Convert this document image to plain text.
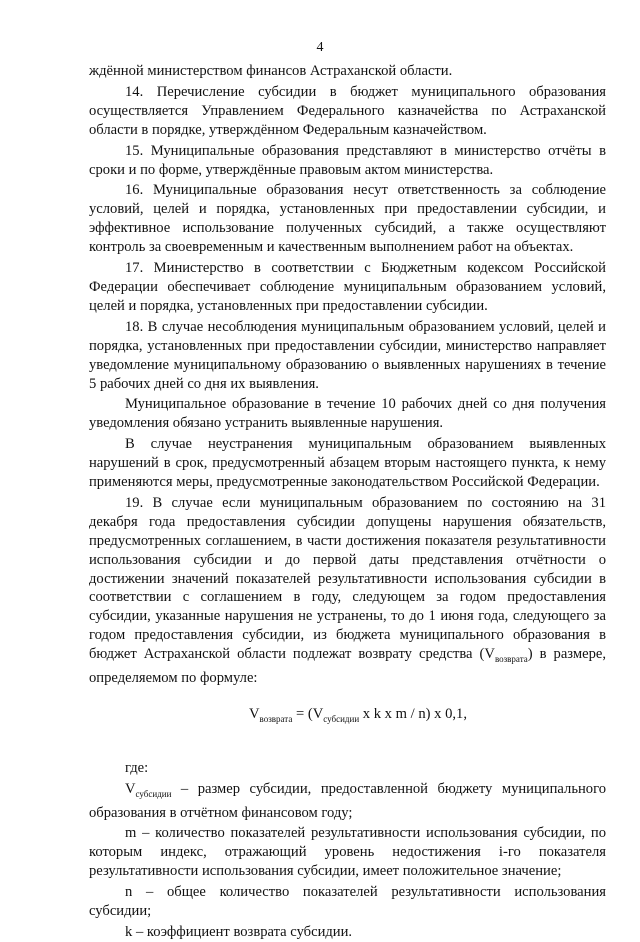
4

ждённой министерством финансов Астраханской области.

14. Перечисление субсидии в бюджет муниципального образования осуществляется Управлением Федерального казначейства по Астраханской области в порядке, утверждённом Федеральным казначейством.

15. Муниципальные образования представляют в министерство отчёты в сроки и по форме, утверждённые правовым актом министерства.

16. Муниципальные образования несут ответственность за соблюдение условий, целей и порядка, установленных при предоставлении субсидии, и эффективное использование полученных субсидий, а также осуществляют контроль за своевременным и качественным выполнением работ на объектах.

17. Министерство в соответствии с Бюджетным кодексом Российской Федерации обеспечивает соблюдение муниципальным образованием условий, целей и порядка, установленных при предоставлении субсидии.

18. В случае несоблюдения муниципальным образованием условий, целей и порядка, установленных при предоставлении субсидии, министерство направляет уведомление муниципальному образованию о выявленных нарушениях в течение 5 рабочих дней со дня их выявления.

Муниципальное образование в течение 10 рабочих дней со дня получения уведомления обязано устранить выявленные нарушения.

В случае неустранения муниципальным образованием выявленных нарушений в срок, предусмотренный абзацем вторым настоящего пункта, к нему применяются меры, предусмотренные законодательством Российской Федерации.

19. В случае если муниципальным образованием по состоянию на 31 декабря года предоставления субсидии допущены нарушения обязательств, предусмотренных соглашением, в части достижения показателя результативности использования субсидии и до первой даты представления отчётности о достижении значений показателей результативности использования субсидии в соответствии с соглашением в году, следующем за годом предоставления субсидии, указанные нарушения не устранены, то до 1 июня года, следующего за годом предоставления субсидии, из бюджета муниципального образования в бюджет Астраханской области подлежат возврату средства $(V_{возврата})$ в размере, определяемом по формуле:

$V_{возврата} = (V_{субсидии}$ x k x m / n) x 0,1,

где:

$V_{субсидии}$ – размер субсидии, предоставленной бюджету муниципального образования в отчётном финансовом году;

m – количество показателей результативности использования субсидии, по которым индекс, отражающий уровень недостижения i-го показателя результативности использования субсидии, имеет положительное значение;

n – общее количество показателей результативности использования субсидии;

k – коэффициент возврата субсидии.
